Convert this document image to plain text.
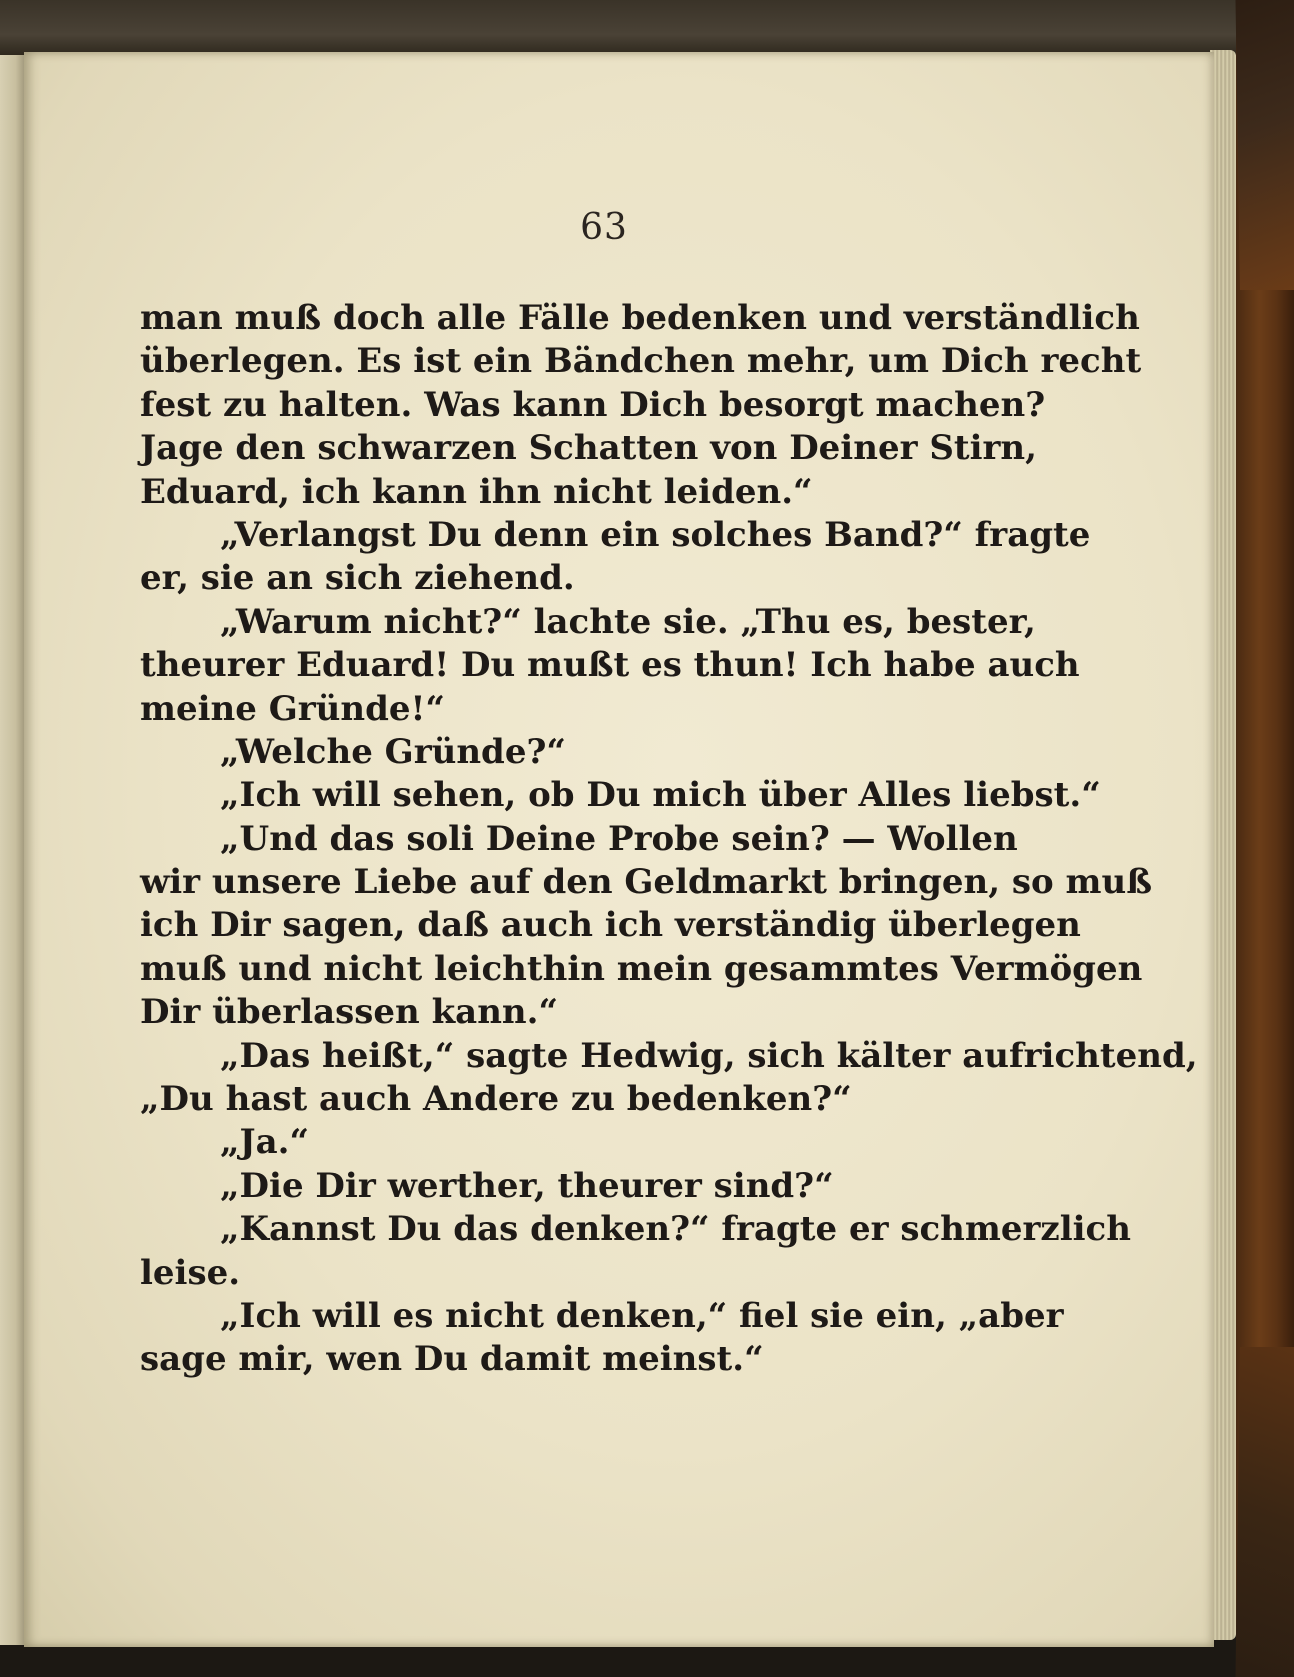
63
man muß doch alle Fälle bedenken und verständlich
überlegen. Es ist ein Bändchen mehr, um Dich recht
fest zu halten. Was kann Dich besorgt machen?
Jage den schwarzen Schatten von Deiner Stirn,
Eduard, ich kann ihn nicht leiden.“
„Verlangst Du denn ein solches Band?“ fragte
er, sie an sich ziehend.
„Warum nicht?“ lachte sie. „Thu es, bester,
theurer Eduard! Du mußt es thun! Ich habe auch
meine Gründe!“
„Welche Gründe?“
„Ich will sehen, ob Du mich über Alles liebst.“
„Und das soli Deine Probe sein? — Wollen
wir unsere Liebe auf den Geldmarkt bringen, so muß
ich Dir sagen, daß auch ich verständig überlegen
muß und nicht leichthin mein gesammtes Vermögen
Dir überlassen kann.“
„Das heißt,“ sagte Hedwig, sich kälter aufrichtend,
„Du hast auch Andere zu bedenken?“
„Ja.“
„Die Dir werther, theurer sind?“
„Kannst Du das denken?“ fragte er schmerzlich
leise.
„Ich will es nicht denken,“ fiel sie ein, „aber
sage mir, wen Du damit meinst.“
